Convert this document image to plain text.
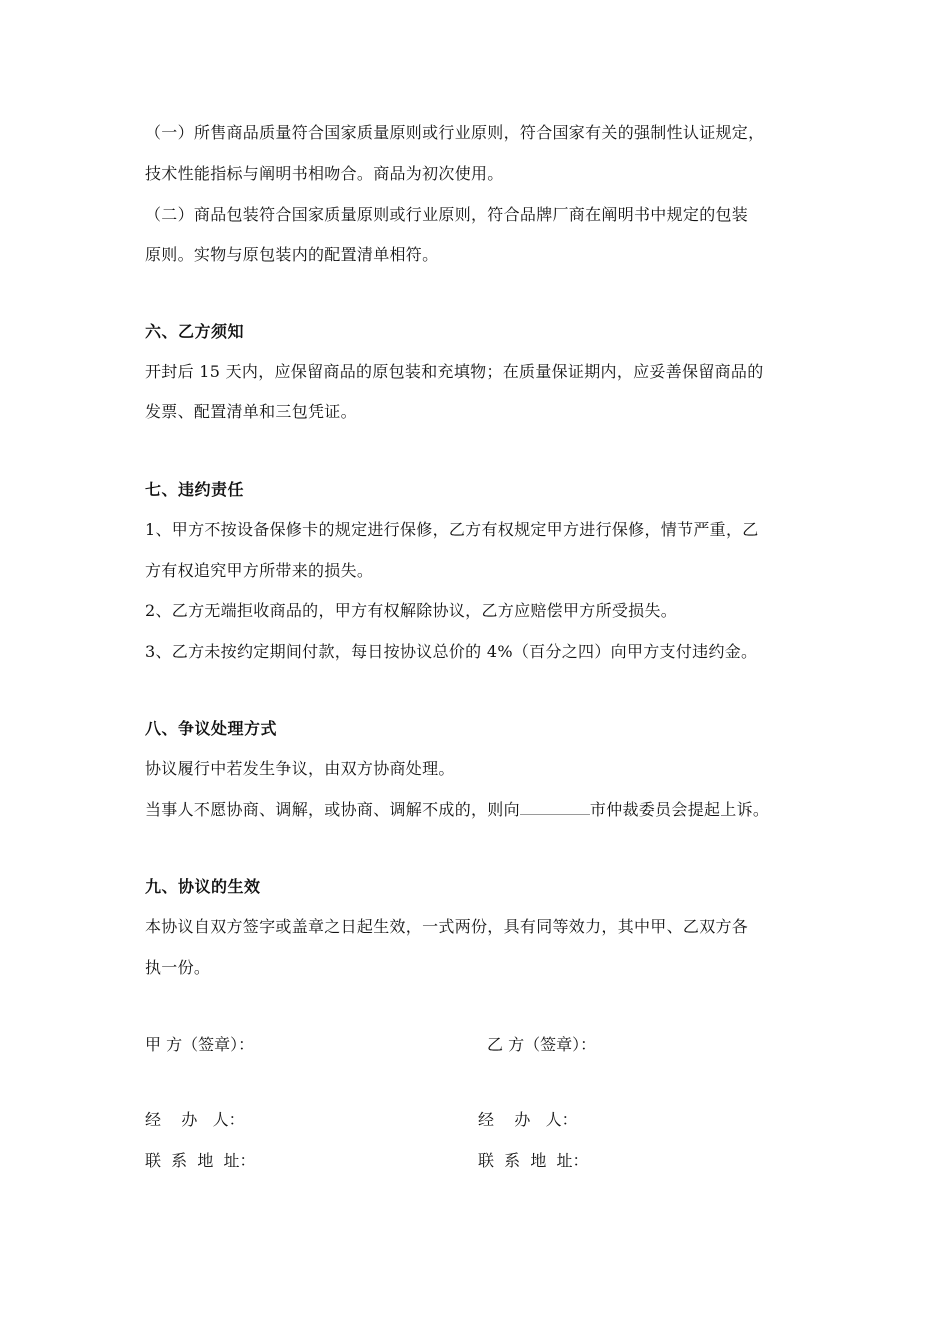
（一）所售商品质量符合国家质量原则或行业原则，符合国家有关的强制性认证规定，
技术性能指标与阐明书相吻合。商品为初次使用。
（二）商品包装符合国家质量原则或行业原则，符合品牌厂商在阐明书中规定的包装
原则。实物与原包装内的配置清单相符。
六、乙方须知
开封后 15 天内，应保留商品的原包装和充填物；在质量保证期内，应妥善保留商品的
发票、配置清单和三包凭证。
七、违约责任
1、甲方不按设备保修卡的规定进行保修，乙方有权规定甲方进行保修，情节严重，乙
方有权追究甲方所带来的损失。
2、乙方无端拒收商品的，甲方有权解除协议，乙方应赔偿甲方所受损失。
3、乙方未按约定期间付款，每日按协议总价的 4%（百分之四）向甲方支付违约金。
八、争议处理方式
协议履行中若发生争议，由双方协商处理。
当事人不愿协商、调解，或协商、调解不成的，则向	市仲裁委员会提起上诉。
九、协议的生效
本协议自双方签字或盖章之日起生效，一式两份，具有同等效力，其中甲、乙双方各
执一份。
甲 方（签章）：	乙 方（签章）：
经    办   人：	经    办   人：
联  系  地  址：	联  系  地  址：
